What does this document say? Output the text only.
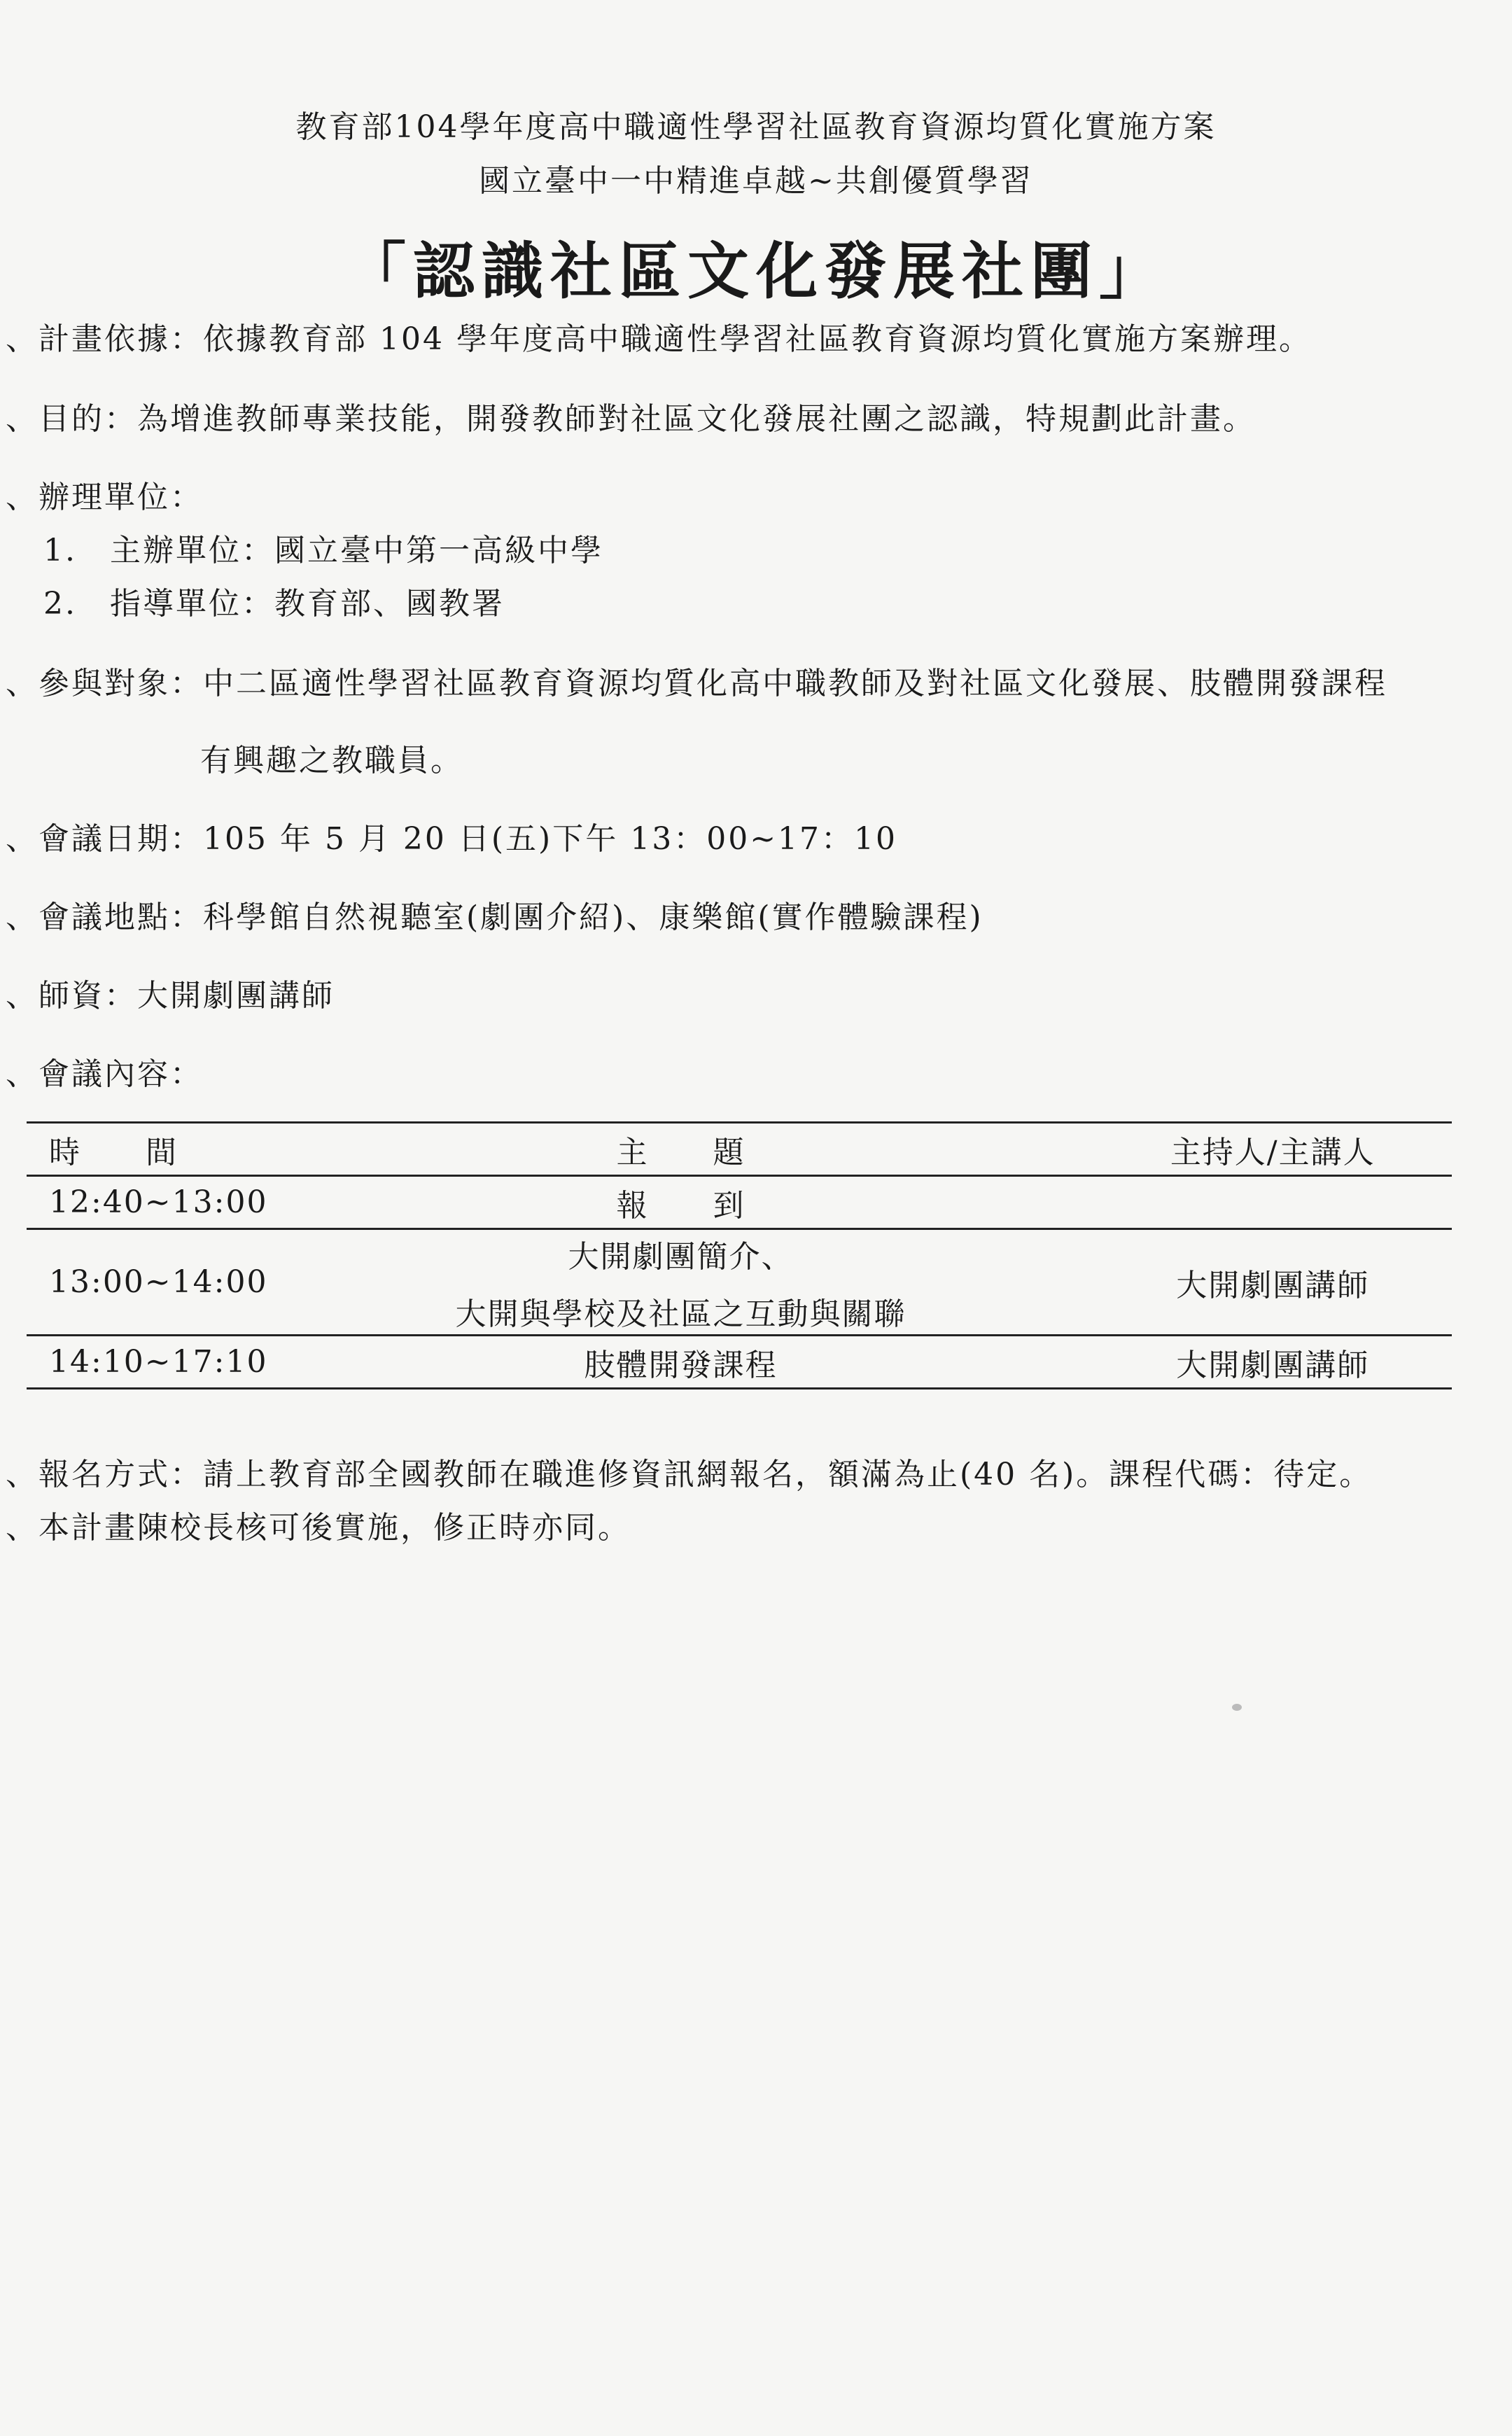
教育部104學年度高中職適性學習社區教育資源均質化實施方案
國立臺中一中精進卓越~共創優質學習
「認識社區文化發展社團」
、計畫依據：依據教育部 104 學年度高中職適性學習社區教育資源均質化實施方案辦理。
、目的：為增進教師專業技能，開發教師對社區文化發展社團之認識，特規劃此計畫。
、辦理單位：
1.　主辦單位：國立臺中第一高級中學
2.　指導單位：教育部、國教署
、參與對象：中二區適性學習社區教育資源均質化高中職教師及對社區文化發展、肢體開發課程
有興趣之教職員。
、會議日期：105 年 5 月 20 日(五)下午 13：00~17：10
、會議地點：科學館自然視聽室(劇團介紹)、康樂館(實作體驗課程)
、師資：大開劇團講師
、會議內容：
時　　間	主　　題	主持人/主講人
12:40~13:00	報　　到	
13:00~14:00	大開劇團簡介、
大開與學校及社區之互動與關聯	大開劇團講師
14:10~17:10	肢體開發課程	大開劇團講師
、報名方式：請上教育部全國教師在職進修資訊網報名，額滿為止(40 名)。課程代碼：待定。
、本計畫陳校長核可後實施，修正時亦同。
